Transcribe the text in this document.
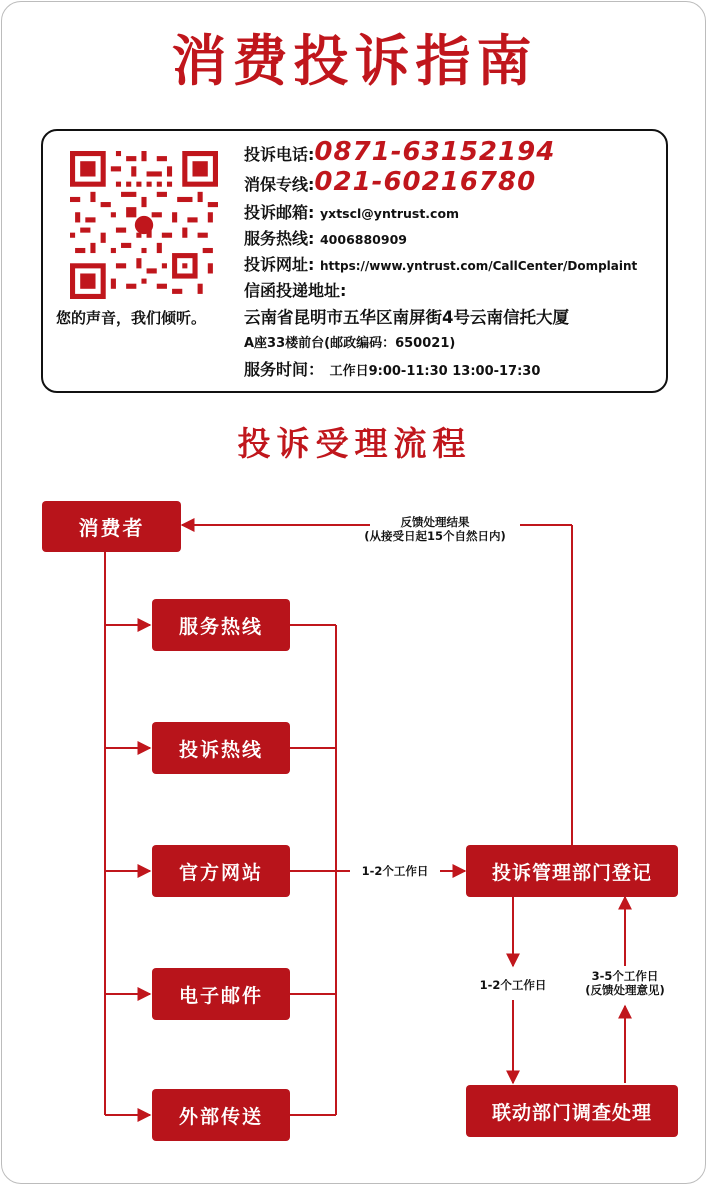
消费投诉指南
您的声音，我们倾听。
投诉电话:0871-63152194
消保专线:021-60216780
投诉邮箱: yxtscl@yntrust.com
服务热线: 4006880909
投诉网址: https://www.yntrust.com/CallCenter/Domplaint
信函投递地址:
云南省昆明市五华区南屏街4号云南信托大厦
A座33楼前台(邮政编码：650021)
服务时间： 工作日9:00-11:30 13:00-17:30
投诉受理流程
消费者
服务热线
投诉热线
官方网站
电子邮件
外部传送
投诉管理部门登记
联动部门调查处理
反馈处理结果
(从接受日起15个自然日内)
1-2个工作日
1-2个工作日
3-5个工作日
(反馈处理意见)
